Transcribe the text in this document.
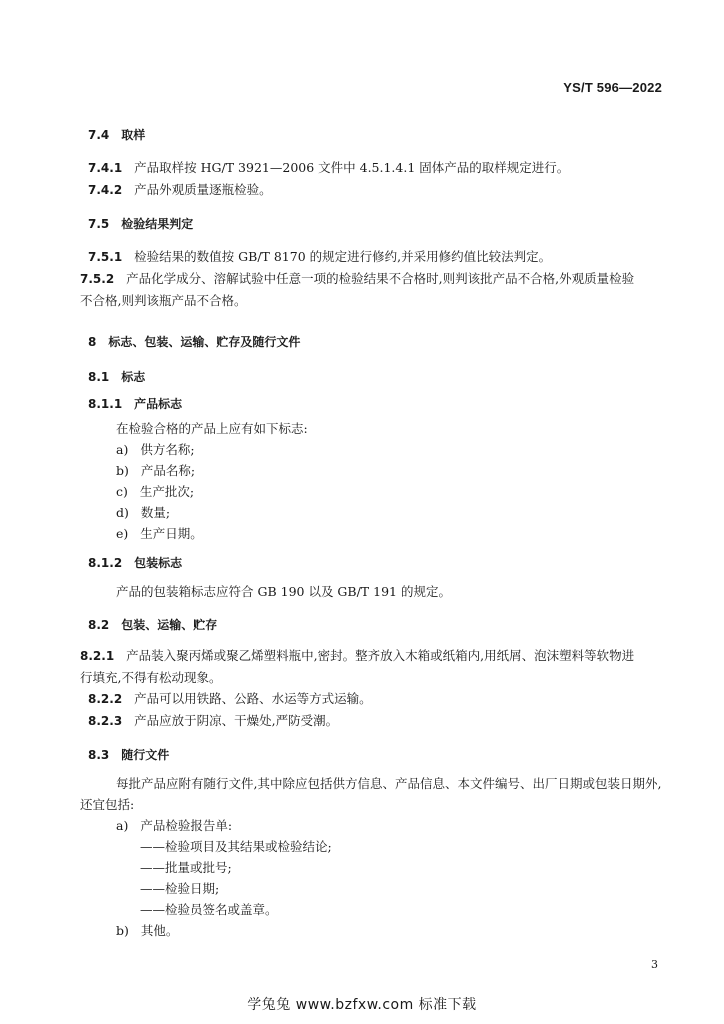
YS/T 596—2022
7.4 取样
7.4.1 产品取样按 HG/T 3921—2006 文件中 4.5.1.4.1 固体产品的取样规定进行。
7.4.2 产品外观质量逐瓶检验。
7.5 检验结果判定
7.5.1 检验结果的数值按 GB/T 8170 的规定进行修约,并采用修约值比较法判定。
7.5.2 产品化学成分、溶解试验中任意一项的检验结果不合格时,则判该批产品不合格,外观质量检验
不合格,则判该瓶产品不合格。
8 标志、包装、运输、贮存及随行文件
8.1 标志
8.1.1 产品标志
在检验合格的产品上应有如下标志:
a) 供方名称;
b) 产品名称;
c) 生产批次;
d) 数量;
e) 生产日期。
8.1.2 包装标志
产品的包装箱标志应符合 GB 190 以及 GB/T 191 的规定。
8.2 包装、运输、贮存
8.2.1 产品装入聚丙烯或聚乙烯塑料瓶中,密封。整齐放入木箱或纸箱内,用纸屑、泡沫塑料等软物进
行填充,不得有松动现象。
8.2.2 产品可以用铁路、公路、水运等方式运输。
8.2.3 产品应放于阴凉、干燥处,严防受潮。
8.3 随行文件
每批产品应附有随行文件,其中除应包括供方信息、产品信息、本文件编号、出厂日期或包装日期外,
还宜包括:
a) 产品检验报告单:
——检验项目及其结果或检验结论;
——批量或批号;
——检验日期;
——检验员签名或盖章。
b) 其他。
3
学兔兔 www.bzfxw.com 标准下载
